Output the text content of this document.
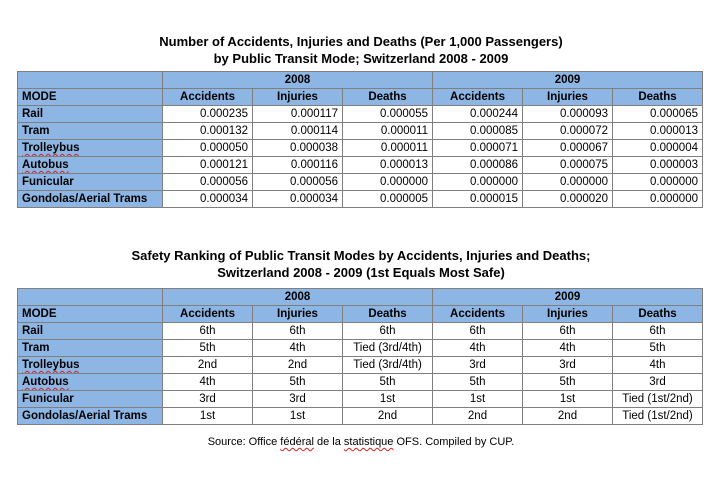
Number of Accidents, Injuries and Deaths (Per 1,000 Passengers)
by Public Transit Mode; Switzerland 2008 - 2009
	2008			2009		
MODE	Accidents	Injuries	Deaths	Accidents	Injuries	Deaths
Rail	0.000235	0.000117	0.000055	0.000244	0.000093	0.000065
Tram	0.000132	0.000114	0.000011	0.000085	0.000072	0.000013
Trolleybus	0.000050	0.000038	0.000011	0.000071	0.000067	0.000004
Autobus	0.000121	0.000116	0.000013	0.000086	0.000075	0.000003
Funicular	0.000056	0.000056	0.000000	0.000000	0.000000	0.000000
Gondolas/Aerial Trams	0.000034	0.000034	0.000005	0.000015	0.000020	0.000000
Safety Ranking of Public Transit Modes by Accidents, Injuries and Deaths;
Switzerland 2008 - 2009 (1st Equals Most Safe)
	2008			2009		
MODE	Accidents	Injuries	Deaths	Accidents	Injuries	Deaths
Rail	6th	6th	6th	6th	6th	6th
Tram	5th	4th	Tied (3rd/4th)	4th	4th	5th
Trolleybus	2nd	2nd	Tied (3rd/4th)	3rd	3rd	4th
Autobus	4th	5th	5th	5th	5th	3rd
Funicular	3rd	3rd	1st	1st	1st	Tied (1st/2nd)
Gondolas/Aerial Trams	1st	1st	2nd	2nd	2nd	Tied (1st/2nd)
Source: Office fédéral de la statistique OFS. Compiled by CUP.
